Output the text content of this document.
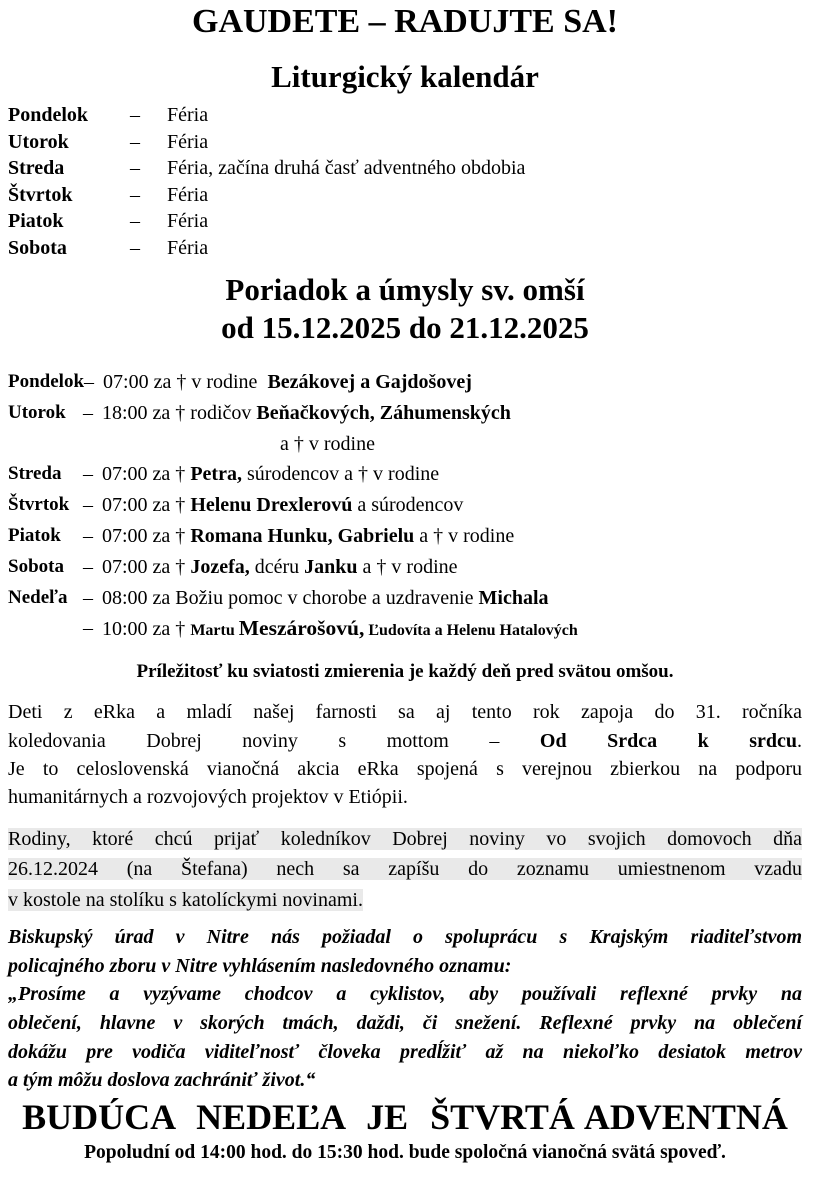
GAUDETE – RADUJTE SA!
Liturgický kalendár
Pondelok	–	Féria
Utorok	–	Féria
Streda	–	Féria, začína druhá časť adventného obdobia
Štvrtok	–	Féria
Piatok	–	Féria
Sobota	–	Féria
Poriadok a úmysly sv. omší
od 15.12.2025 do 21.12.2025
Pondelok – 07:00 za † v rodine  Bezákovej a Gajdošovej
Utorok – 18:00 za † rodičov Beňačkových, Záhumenských
a † v rodine
Streda	– 07:00 za † Petra, súrodencov a † v rodine
Štvrtok – 07:00 za † Helenu Drexlerovú a súrodencov
Piatok	– 07:00 za † Romana Hunku, Gabrielu a † v rodine
Sobota – 07:00 za † Jozefa, dcéru Janku a † v rodine
Nedeľa – 08:00 za Božiu pomoc v chorobe a uzdravenie Michala
– 10:00 za † Martu Meszárošovú, Ľudovíta a Helenu Hatalových

Príležitosť ku sviatosti zmierenia je každý deň pred svätou omšou.

Deti z eRka a mladí našej farnosti sa aj tento rok zapoja do 31. ročníka
koledovania Dobrej noviny s mottom – Od Srdca k srdcu.
Je to celoslovenská vianočná akcia eRka spojená s verejnou zbierkou na podporu
humanitárnych a rozvojových projektov v Etiópii.
Rodiny, ktoré chcú prijať koledníkov Dobrej noviny vo svojich domovoch dňa
26.12.2024 (na Štefana) nech sa zapíšu do zoznamu umiestnenom vzadu
v kostole na stolíku s katolíckymi novinami.
Biskupský úrad v Nitre nás požiadal o spoluprácu s Krajským riaditeľstvom
policajného zboru v Nitre vyhlásením nasledovného oznamu:
„Prosíme a vyzývame chodcov a cyklistov, aby používali reflexné prvky na
oblečení, hlavne v skorých tmách, daždi, či snežení. Reflexné prvky na oblečení
dokážu pre vodiča viditeľnosť človeka predĺžiť až na niekoľko desiatok metrov
a tým môžu doslova zachrániť život.“
BUDÚCA  NEDEĽA  JE  ŠTVRTÁ ADVENTNÁ
Popoludní od 14:00 hod. do 15:30 hod. bude spoločná vianočná svätá spoveď.
